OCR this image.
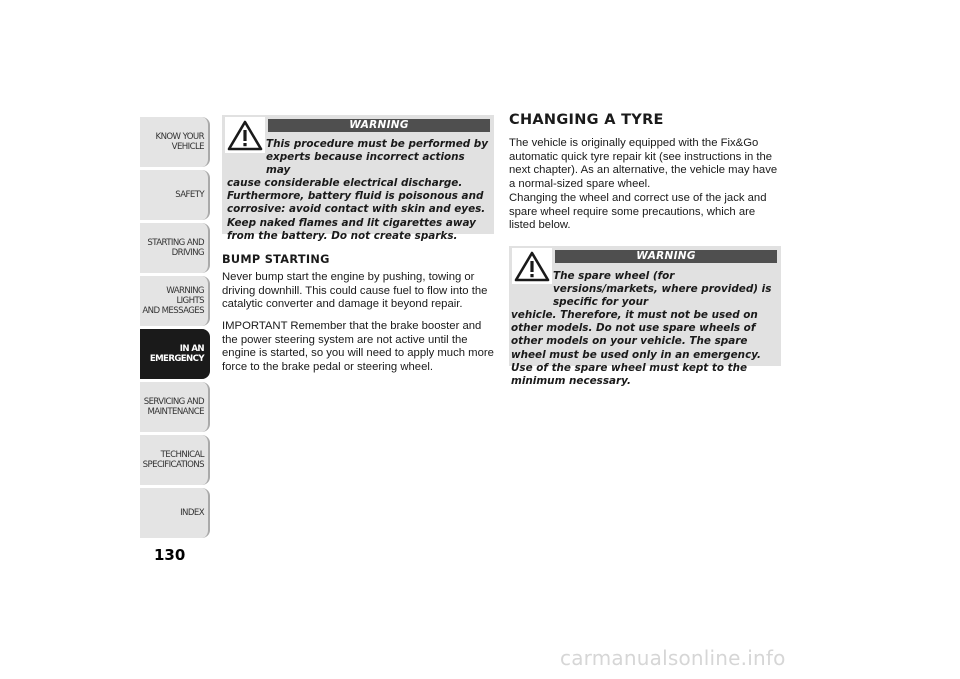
KNOW YOUR
VEHICLE
SAFETY
STARTING AND
DRIVING
WARNING LIGHTS
AND MESSAGES
IN AN
EMERGENCY
SERVICING AND
MAINTENANCE
TECHNICAL
SPECIFICATIONS
INDEX
130
WARNING
This procedure must be performed by experts because incorrect actions may
cause considerable electrical discharge. Furthermore, battery fluid is poisonous and corrosive: avoid contact with skin and eyes. Keep naked flames and lit cigarettes away from the battery. Do not create sparks.
BUMP STARTING
Never bump start the engine by pushing, towing or driving downhill. This could cause fuel to flow into the catalytic converter and damage it beyond repair.
IMPORTANT Remember that the brake booster and the power steering system are not active until the engine is started, so you will need to apply much more force to the brake pedal or steering wheel.
CHANGING A TYRE
The vehicle is originally equipped with the Fix&Go automatic quick tyre repair kit (see instructions in the next chapter). As an alternative, the vehicle may have a normal-sized spare wheel.
Changing the wheel and correct use of the jack and spare wheel require some precautions, which are listed below.
WARNING
The spare wheel (for versions/markets, where provided) is specific for your
vehicle. Therefore, it must not be used on other models. Do not use spare wheels of other models on your vehicle. The spare wheel must be used only in an emergency. Use of the spare wheel must kept to the minimum necessary.
carmanualsonline.info
